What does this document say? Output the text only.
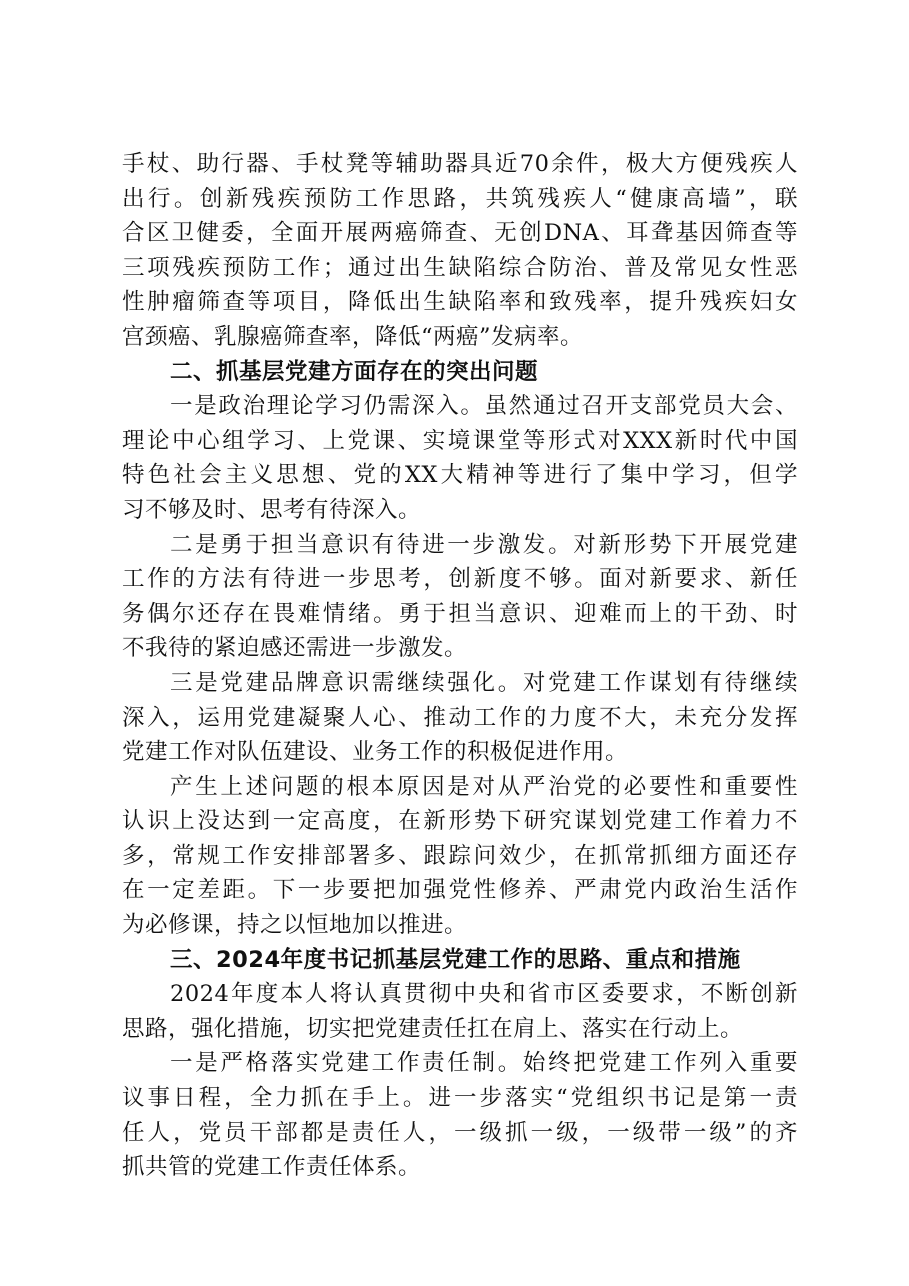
手杖、助行器、手杖凳等辅助器具近70余件，极大方便残疾人
出行。创新残疾预防工作思路，共筑残疾人“健康高墙”，联
合区卫健委，全面开展两癌筛查、无创DNA、耳聋基因筛查等
三项残疾预防工作；通过出生缺陷综合防治、普及常见女性恶
性肿瘤筛查等项目，降低出生缺陷率和致残率，提升残疾妇女
宫颈癌、乳腺癌筛查率，降低“两癌”发病率。
二、抓基层党建方面存在的突出问题
一是政治理论学习仍需深入。虽然通过召开支部党员大会、
理论中心组学习、上党课、实境课堂等形式对XXX新时代中国
特色社会主义思想、党的XX大精神等进行了集中学习，但学
习不够及时、思考有待深入。
二是勇于担当意识有待进一步激发。对新形势下开展党建
工作的方法有待进一步思考，创新度不够。面对新要求、新任
务偶尔还存在畏难情绪。勇于担当意识、迎难而上的干劲、时
不我待的紧迫感还需进一步激发。
三是党建品牌意识需继续强化。对党建工作谋划有待继续
深入，运用党建凝聚人心、推动工作的力度不大，未充分发挥
党建工作对队伍建设、业务工作的积极促进作用。
产生上述问题的根本原因是对从严治党的必要性和重要性
认识上没达到一定高度，在新形势下研究谋划党建工作着力不
多，常规工作安排部署多、跟踪问效少，在抓常抓细方面还存
在一定差距。下一步要把加强党性修养、严肃党内政治生活作
为必修课，持之以恒地加以推进。
三、2024年度书记抓基层党建工作的思路、重点和措施
2024年度本人将认真贯彻中央和省市区委要求，不断创新
思路，强化措施，切实把党建责任扛在肩上、落实在行动上。
一是严格落实党建工作责任制。始终把党建工作列入重要
议事日程，全力抓在手上。进一步落实“党组织书记是第一责
任人，党员干部都是责任人，一级抓一级，一级带一级”的齐
抓共管的党建工作责任体系。
